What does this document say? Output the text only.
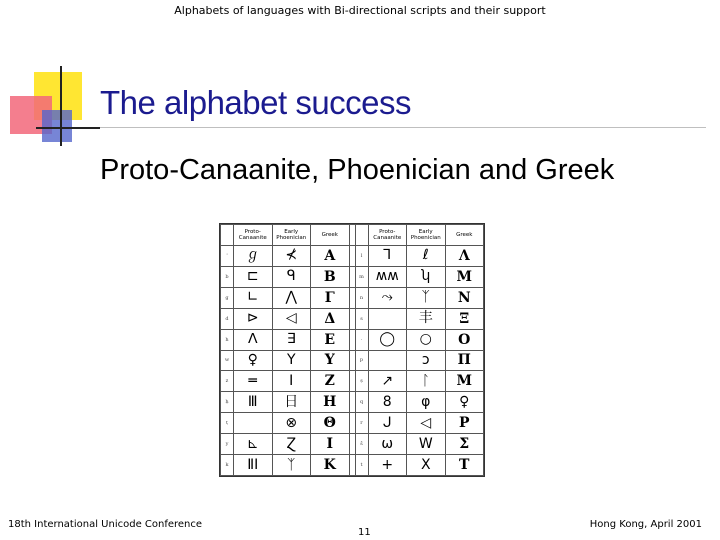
Alphabets of languages with Bi-directional scripts and their support
The alphabet success
Proto-Canaanite, Phoenician and Greek
	Proto-Canaanite	Early Phoenician	Greek			Proto-Canaanite	Early Phoenician	Greek
'	ℊ	⊀	A		l	⅂	ℓ	Λ
b	⊏	ᑫ	B		m	ʍʍ	ʮ	M
g	∟	⋀	Γ		n	⤳	ᛉ	N
d	⊳	◁	Δ		s		丰	Ξ
h	ⴷ	∃	E		·	◯	○	O
w	♀	Y	Y		p		ↄ	Π
z	═	I	Z		ṣ	↗	ᛚ	M
ḥ	Ⅲ	日	H		q	8	φ	♀
ṭ		⊗	Θ		r	ᒍ	◁	P
y	⊾	Ɀ	I		š	ω	W	Σ
k	ⅡⅠ	ᛉ	K		t	+	X	T
18th International Unicode Conference
11
Hong Kong, April 2001
